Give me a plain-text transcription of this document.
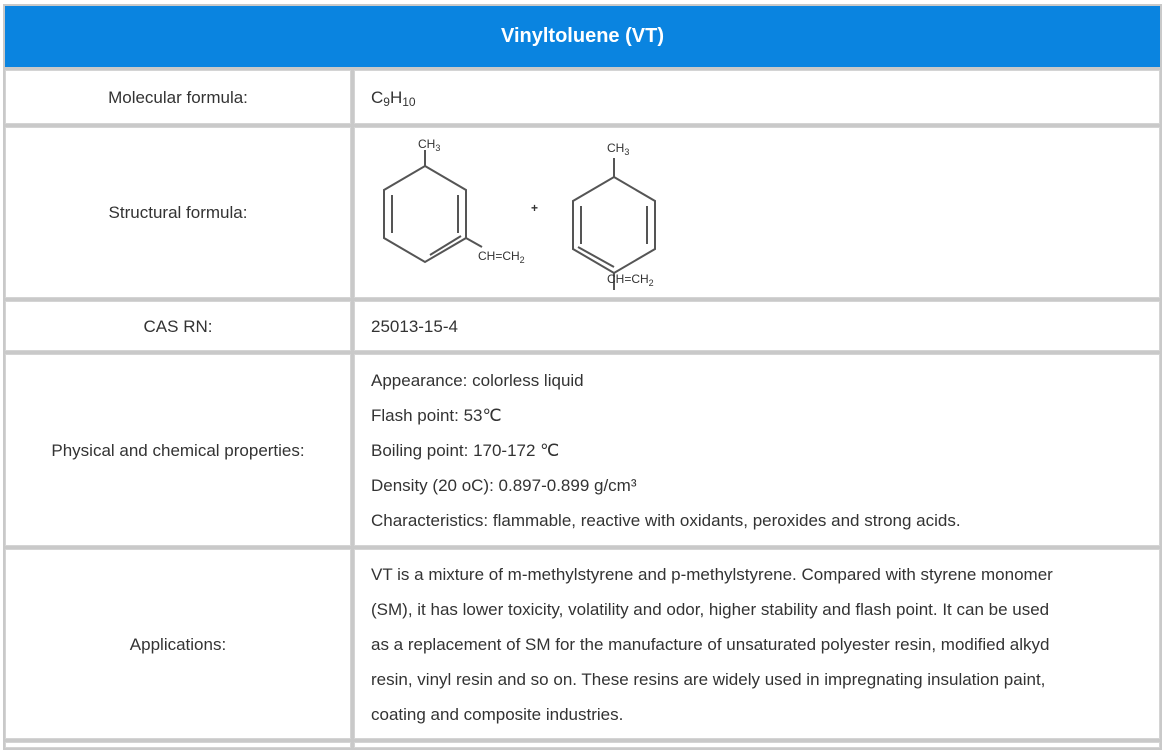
Vinyltoluene (VT)
Molecular formula:	$C_9H_{10}$

Structural formula:
$CH_3$
$CH=CH_2$
+
$CH_3$
$CH=CH_2$
CAS RN:	25013-15-4

Physical and chemical properties:

Appearance: colorless liquid

Flash point: 53℃

Boiling point: 170-172 ℃

Density (20 oC): 0.897-0.899 g/cm³

Characteristics: flammable, reactive with oxidants, peroxides and strong acids.

Applications:

VT is a mixture of m-methylstyrene and p-methylstyrene. Compared with styrene monomer

(SM), it has lower toxicity, volatility and odor, higher stability and flash point. It can be used

as a replacement of SM for the manufacture of unsaturated polyester resin, modified alkyd

resin, vinyl resin and so on. These resins are widely used in impregnating insulation paint,

coating and composite industries.
